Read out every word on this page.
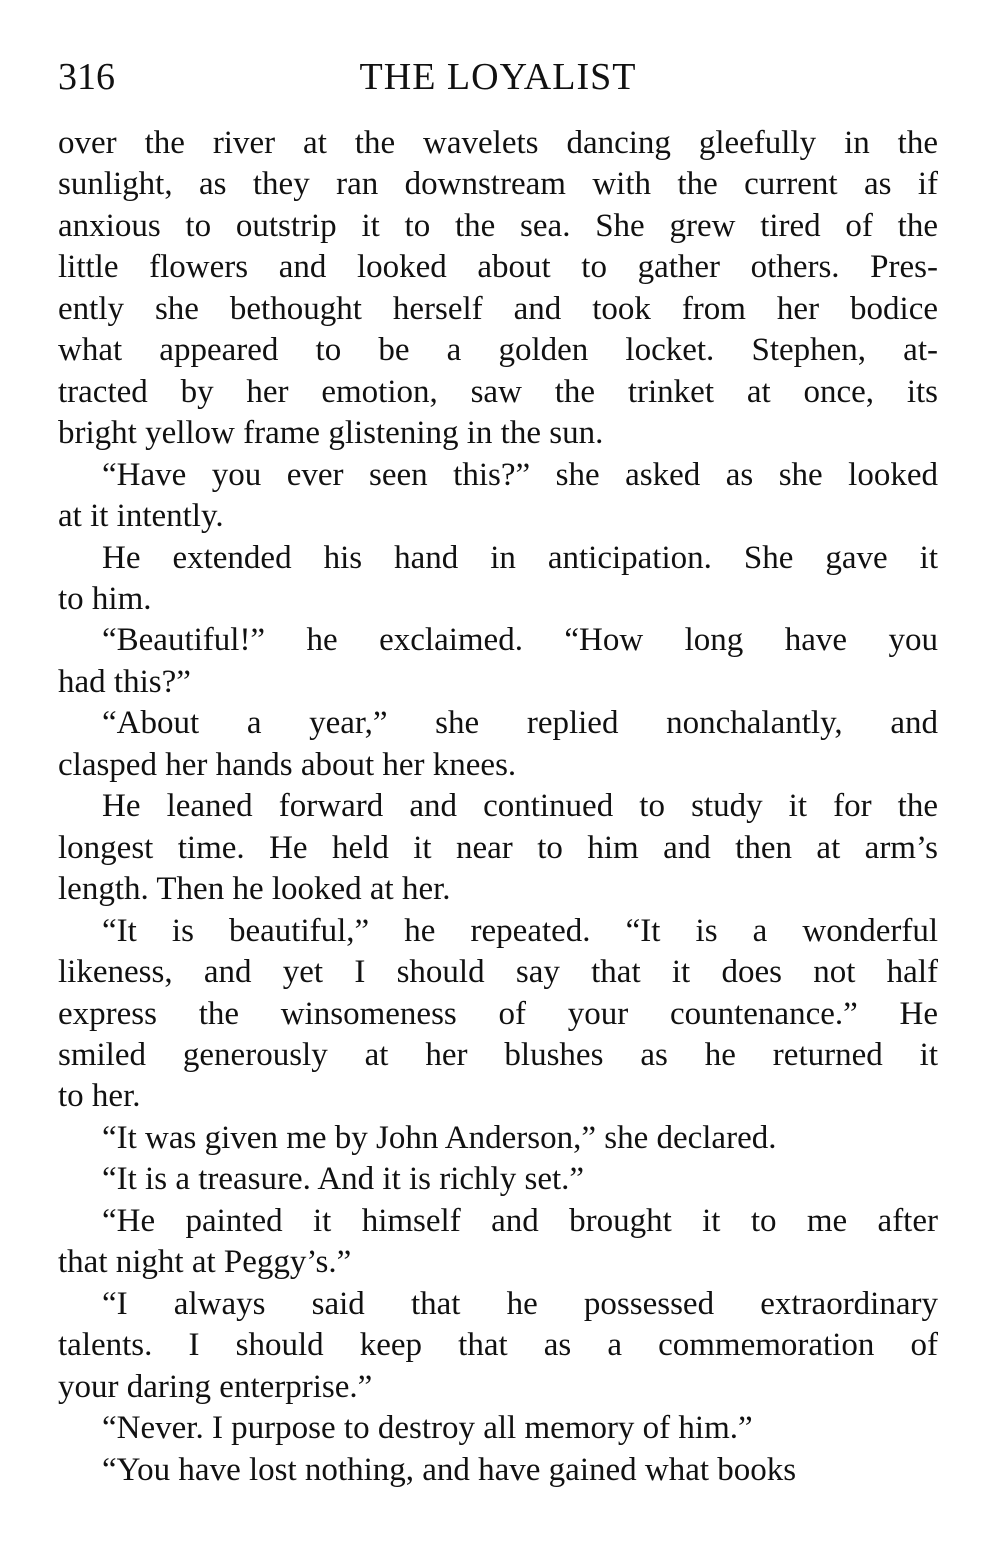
316	THE LOYALIST
over the river at the wavelets dancing gleefully in the
sunlight, as they ran downstream with the current as if
anxious to outstrip it to the sea. She grew tired of the
little flowers and looked about to gather others. Pres-
ently she bethought herself and took from her bodice
what appeared to be a golden locket. Stephen, at-
tracted by her emotion, saw the trinket at once, its
bright yellow frame glistening in the sun.
“Have you ever seen this?” she asked as she looked
at it intently.
He extended his hand in anticipation. She gave it
to him.
“Beautiful!” he exclaimed. “How long have you
had this?”
“About a year,” she replied nonchalantly, and
clasped her hands about her knees.
He leaned forward and continued to study it for the
longest time. He held it near to him and then at arm’s
length. Then he looked at her.
“It is beautiful,” he repeated. “It is a wonderful
likeness, and yet I should say that it does not half
express the winsomeness of your countenance.” He
smiled generously at her blushes as he returned it
to her.
“It was given me by John Anderson,” she declared.
“It is a treasure. And it is richly set.”
“He painted it himself and brought it to me after
that night at Peggy’s.”
“I always said that he possessed extraordinary
talents. I should keep that as a commemoration of
your daring enterprise.”
“Never. I purpose to destroy all memory of him.”
“You have lost nothing, and have gained what books
